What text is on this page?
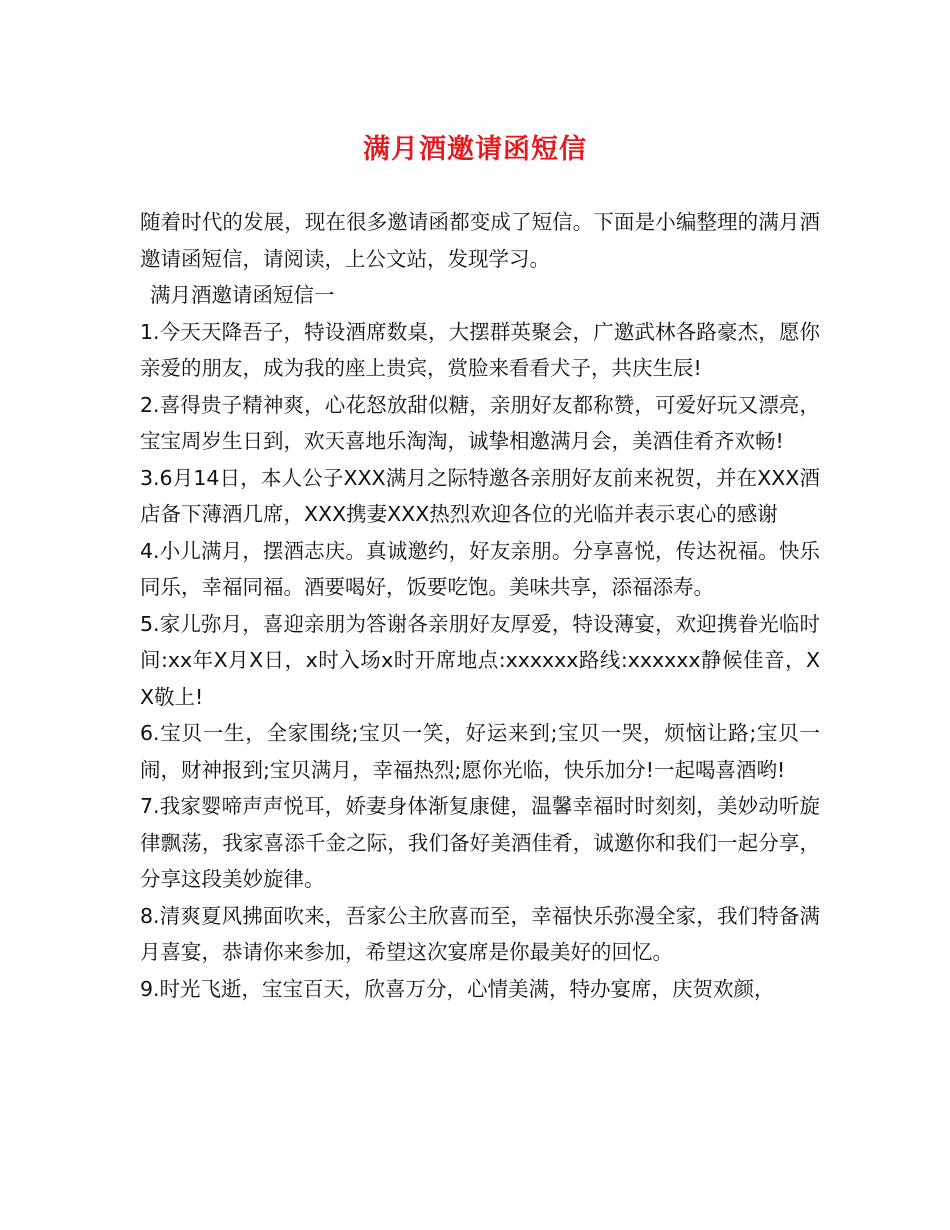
满月酒邀请函短信

随着时代的发展，现在很多邀请函都变成了短信。下面是小编整理的满月酒邀请函短信，请阅读，上公文站，发现学习。

满月酒邀请函短信一

1.今天天降吾子，特设酒席数桌，大摆群英聚会，广邀武林各路豪杰，愿你亲爱的朋友，成为我的座上贵宾，赏脸来看看犬子，共庆生辰!

2.喜得贵子精神爽，心花怒放甜似糖，亲朋好友都称赞，可爱好玩又漂亮，宝宝周岁生日到，欢天喜地乐淘淘，诚挚相邀满月会，美酒佳肴齐欢畅!

3.6月14日，本人公子XXX满月之际特邀各亲朋好友前来祝贺，并在XXX酒店备下薄酒几席，XXX携妻XXX热烈欢迎各位的光临并表示衷心的感谢

4.小儿满月，摆酒志庆。真诚邀约，好友亲朋。分享喜悦，传达祝福。快乐同乐，幸福同福。酒要喝好，饭要吃饱。美味共享，添福添寿。

5.家儿弥月，喜迎亲朋为答谢各亲朋好友厚爱，特设薄宴，欢迎携眷光临时间:xx年X月X日，x时入场x时开席地点:xxxxxx路线:xxxxxx静候佳音，XX敬上!

6.宝贝一生，全家围绕;宝贝一笑，好运来到;宝贝一哭，烦恼让路;宝贝一闹，财神报到;宝贝满月，幸福热烈;愿你光临，快乐加分!一起喝喜酒哟!

7.我家婴啼声声悦耳，娇妻身体渐复康健，温馨幸福时时刻刻，美妙动听旋律飘荡，我家喜添千金之际，我们备好美酒佳肴，诚邀你和我们一起分享，分享这段美妙旋律。

8.清爽夏风拂面吹来，吾家公主欣喜而至，幸福快乐弥漫全家，我们特备满月喜宴，恭请你来参加，希望这次宴席是你最美好的回忆。

9.时光飞逝，宝宝百天，欣喜万分，心情美满，特办宴席，庆贺欢颜，
